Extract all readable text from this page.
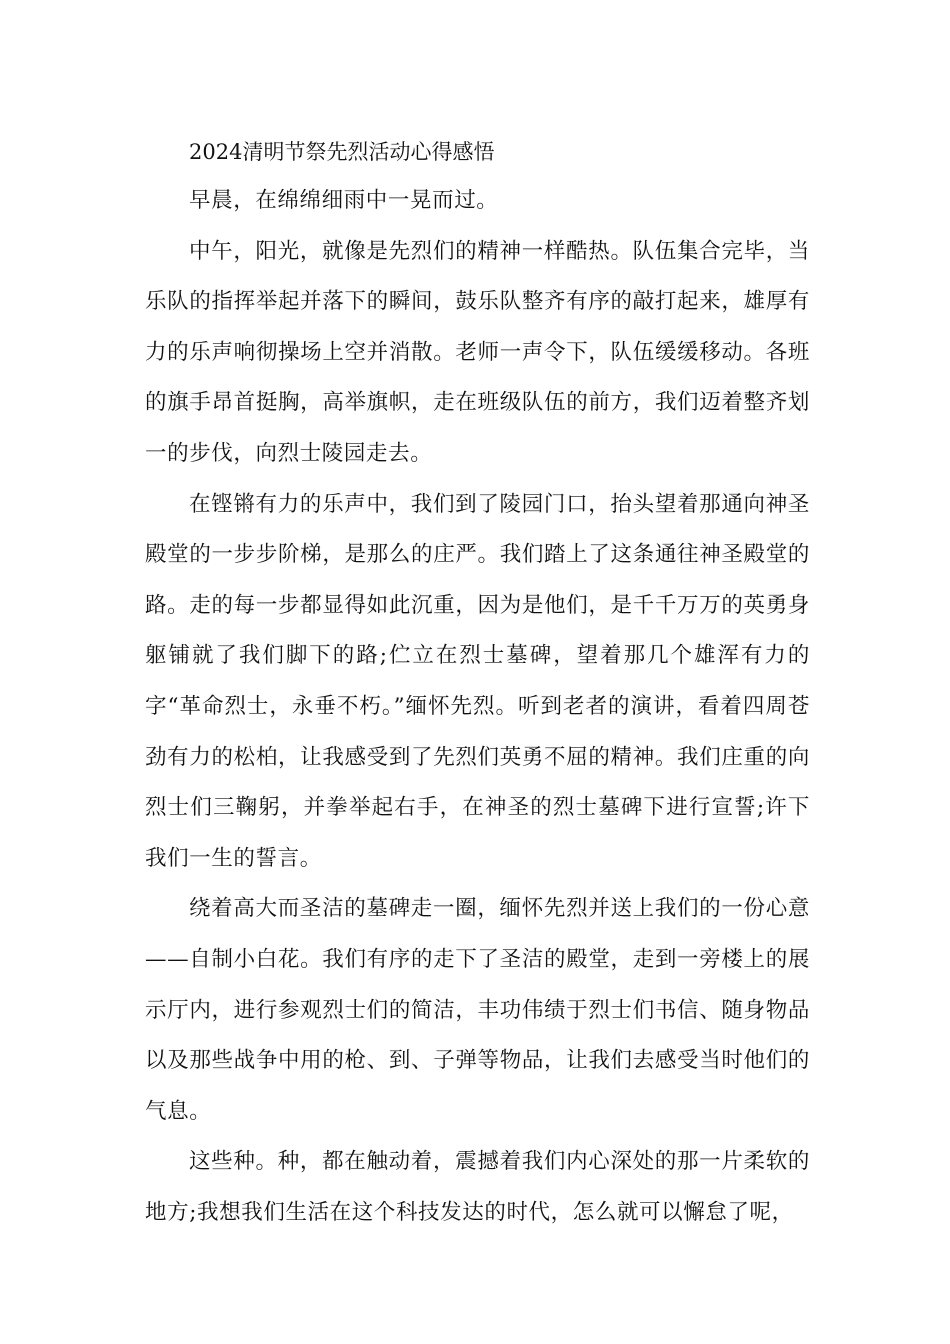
2024清明节祭先烈活动心得感悟

早晨，在绵绵细雨中一晃而过。

中午，阳光，就像是先烈们的精神一样酷热。队伍集合完毕，当乐队的指挥举起并落下的瞬间，鼓乐队整齐有序的敲打起来，雄厚有力的乐声响彻操场上空并消散。老师一声令下，队伍缓缓移动。各班的旗手昂首挺胸，高举旗帜，走在班级队伍的前方，我们迈着整齐划一的步伐，向烈士陵园走去。

在铿锵有力的乐声中，我们到了陵园门口，抬头望着那通向神圣殿堂的一步步阶梯，是那么的庄严。我们踏上了这条通往神圣殿堂的路。走的每一步都显得如此沉重，因为是他们，是千千万万的英勇身躯铺就了我们脚下的路;伫立在烈士墓碑，望着那几个雄浑有力的字“革命烈士，永垂不朽。”缅怀先烈。听到老者的演讲，看着四周苍劲有力的松柏，让我感受到了先烈们英勇不屈的精神。我们庄重的向烈士们三鞠躬，并拳举起右手，在神圣的烈士墓碑下进行宣誓;许下我们一生的誓言。

绕着高大而圣洁的墓碑走一圈，缅怀先烈并送上我们的一份心意——自制小白花。我们有序的走下了圣洁的殿堂，走到一旁楼上的展示厅内，进行参观烈士们的简洁，丰功伟绩于烈士们书信、随身物品以及那些战争中用的枪、到、子弹等物品，让我们去感受当时他们的气息。

这些种。种，都在触动着，震撼着我们内心深处的那一片柔软的地方;我想我们生活在这个科技发达的时代，怎么就可以懈怠了呢，
